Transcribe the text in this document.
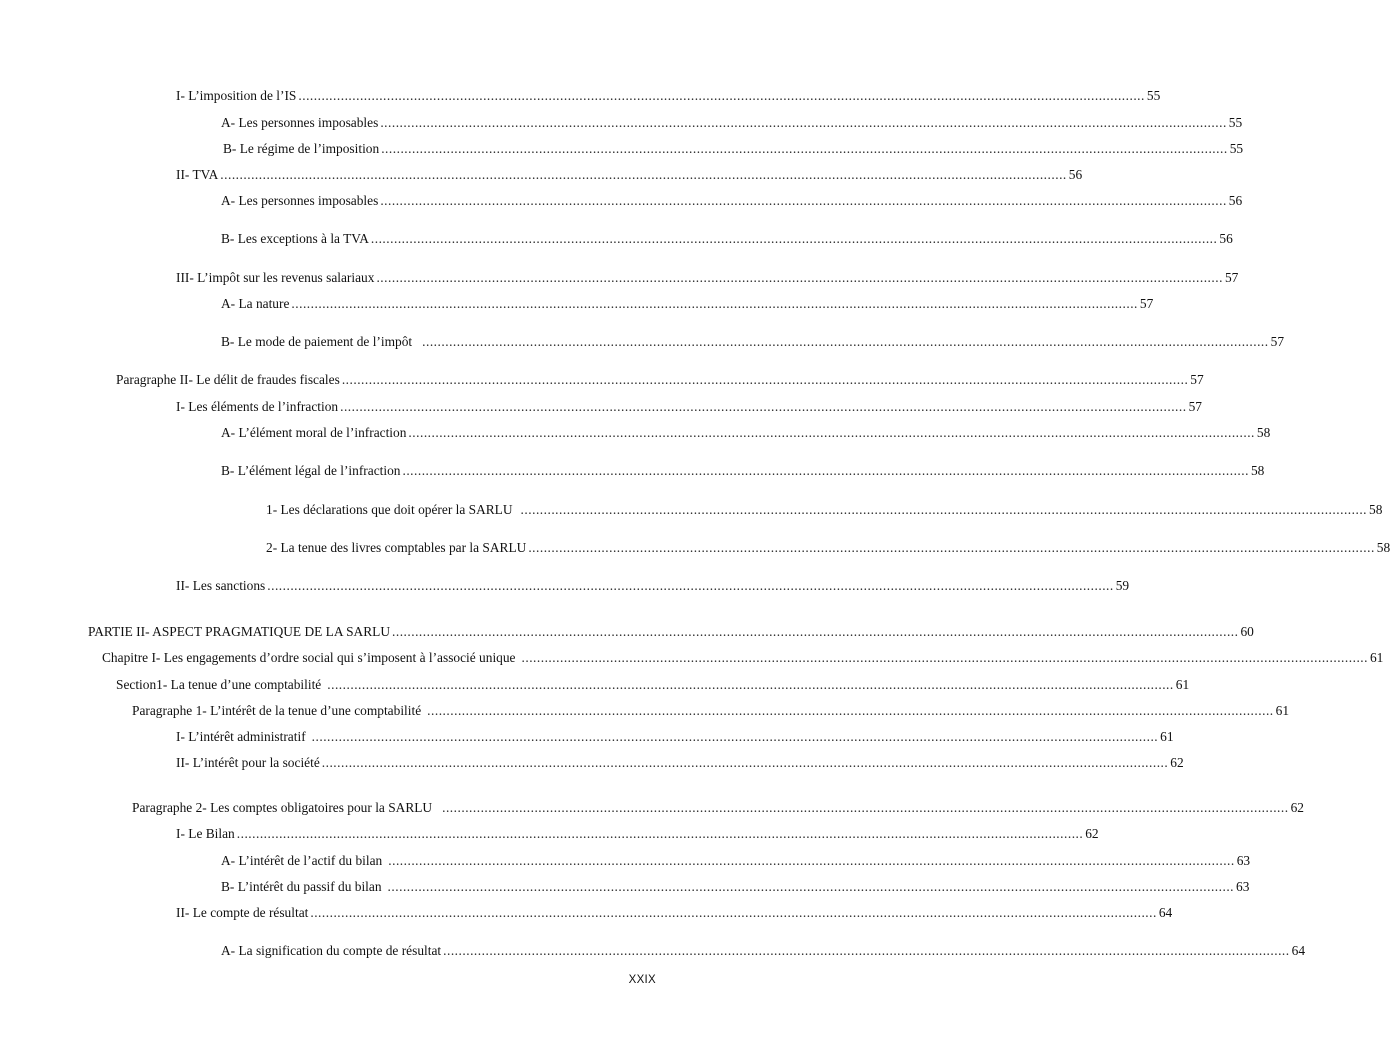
I- L’imposition de l’IS ............................................................................................................................................................................................................................ 55
A- Les personnes imposables ............................................................................................................................................................................................................................ 55
B- Le régime de l’imposition ............................................................................................................................................................................................................................ 55
II- TVA ............................................................................................................................................................................................................................ 56
A- Les personnes imposables ............................................................................................................................................................................................................................ 56
B- Les exceptions à la TVA ............................................................................................................................................................................................................................ 56
III- L’impôt sur les revenus salariaux ............................................................................................................................................................................................................................ 57
A- La nature ............................................................................................................................................................................................................................ 57
B- Le mode de paiement de l’impôt ............................................................................................................................................................................................................................ 57
Paragraphe II- Le délit de fraudes fiscales ............................................................................................................................................................................................................................ 57
I- Les éléments de l’infraction ............................................................................................................................................................................................................................ 57
A- L’élément moral de l’infraction ............................................................................................................................................................................................................................ 58
B- L’élément légal de l’infraction ............................................................................................................................................................................................................................ 58
1- Les déclarations que doit opérer la SARLU ............................................................................................................................................................................................................................ 58
2- La tenue des livres comptables par la SARLU ............................................................................................................................................................................................................................ 58
II- Les sanctions ............................................................................................................................................................................................................................ 59
PARTIE II- ASPECT PRAGMATIQUE DE LA SARLU ............................................................................................................................................................................................................................ 60
Chapitre I- Les engagements d’ordre social qui s’imposent à l’associé unique ............................................................................................................................................................................................................................ 61
Section1- La tenue d’une comptabilité ............................................................................................................................................................................................................................ 61
Paragraphe 1- L’intérêt de la tenue d’une comptabilité ............................................................................................................................................................................................................................ 61
I- L’intérêt administratif ............................................................................................................................................................................................................................ 61
II- L’intérêt pour la société ............................................................................................................................................................................................................................ 62
Paragraphe 2- Les comptes obligatoires pour la SARLU ............................................................................................................................................................................................................................ 62
I- Le Bilan ............................................................................................................................................................................................................................ 62
A- L’intérêt de l’actif du bilan ............................................................................................................................................................................................................................ 63
B- L’intérêt du passif du bilan ............................................................................................................................................................................................................................ 63
II- Le compte de résultat ............................................................................................................................................................................................................................ 64
A- La signification du compte de résultat ............................................................................................................................................................................................................................ 64
XXIX
